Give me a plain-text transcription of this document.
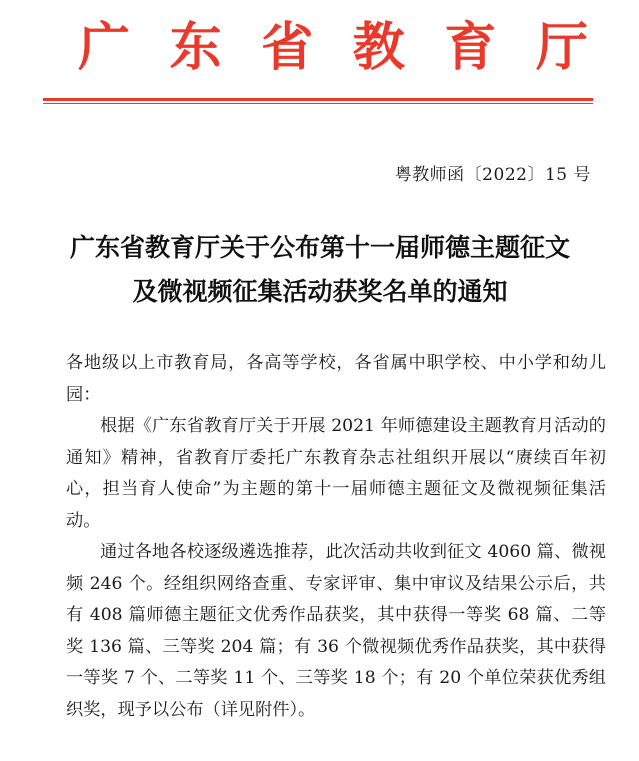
广 东 省 教 育 厅
粤教师函〔2022〕15 号
广东省教育厅关于公布第十一届师德主题征文
及微视频征集活动获奖名单的通知

各地级以上市教育局，各高等学校，各省属中职学校、中小学和幼儿园：

根据《广东省教育厅关于开展 2021 年师德建设主题教育月活动的通知》精神，省教育厅委托广东教育杂志社组织开展以“赓续百年初心，担当育人使命”为主题的第十一届师德主题征文及微视频征集活动。

通过各地各校逐级遴选推荐，此次活动共收到征文 4060 篇、微视频 246 个。经组织网络查重、专家评审、集中审议及结果公示后，共有 408 篇师德主题征文优秀作品获奖，其中获得一等奖 68 篇、二等奖 136 篇、三等奖 204 篇；有 36 个微视频优秀作品获奖，其中获得一等奖 7 个、二等奖 11 个、三等奖 18 个；有 20 个单位荣获优秀组织奖，现予以公布（详见附件）。
